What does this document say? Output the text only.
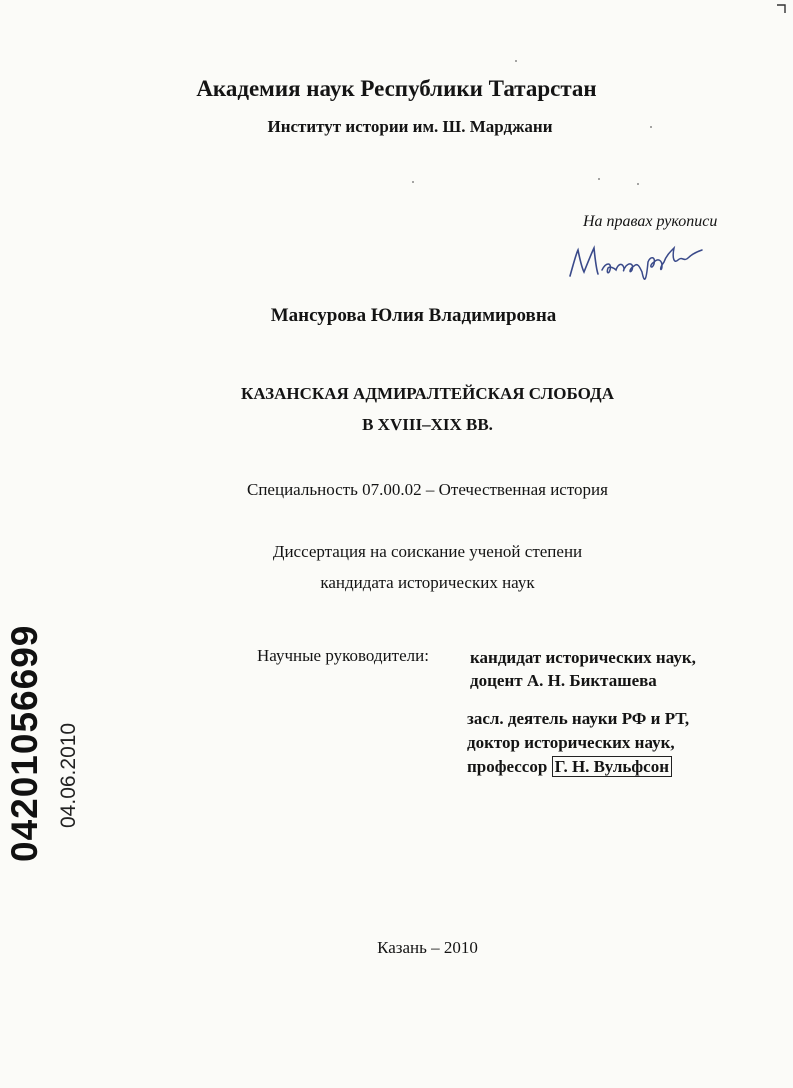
Академия наук Республики Татарстан
Институт истории им. Ш. Марджани
На правах рукописи
Мансурова Юлия Владимировна
КАЗАНСКАЯ АДМИРАЛТЕЙСКАЯ СЛОБОДА
В XVIII–XIX ВВ.
Специальность 07.00.02 – Отечественная история
Диссертация на соискание ученой степени
кандидата исторических наук
Научные руководители: кандидат исторических наук,
доцент А. Н. Бикташева
засл. деятель науки РФ и РТ,
доктор исторических наук,
профессор Г. Н. Вульфсон
Казань – 2010
04201056699 04.06.2010
